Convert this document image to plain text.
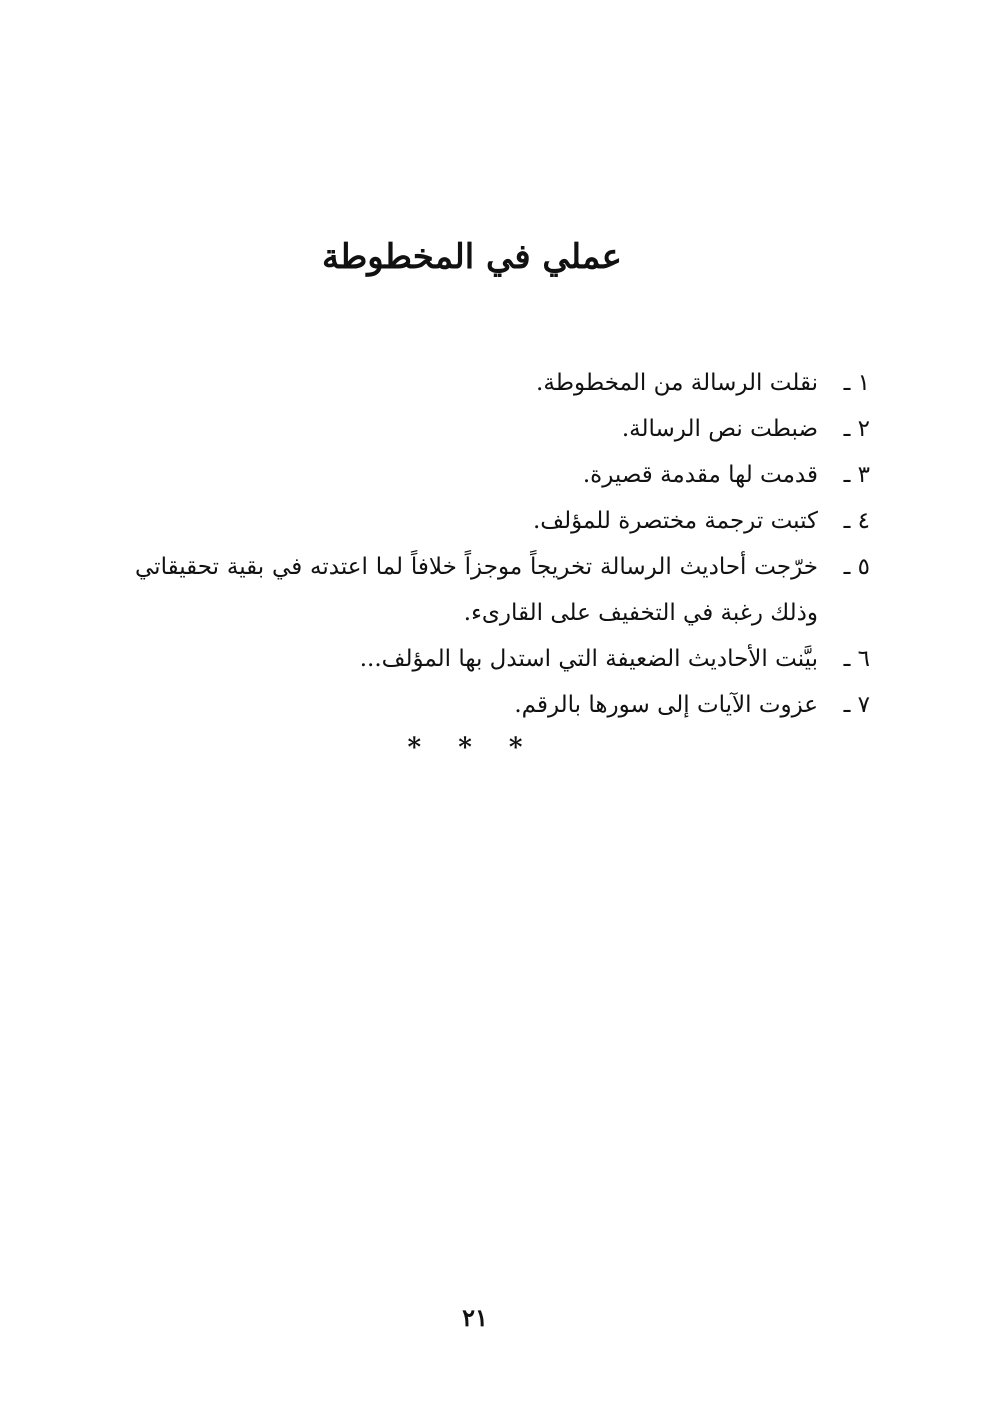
عملي في المخطوطة
١ ـ
نقلت الرسالة من المخطوطة.
٢ ـ
ضبطت نص الرسالة.
٣ ـ
قدمت لها مقدمة قصيرة.
٤ ـ
كتبت ترجمة مختصرة للمؤلف.
٥ ـ
خرّجت أحاديث الرسالة تخريجاً موجزاً خلافاً لما اعتدته في بقية تحقيقاتي وذلك رغبة في التخفيف على القارىء.
٦ ـ
بيَّنت الأحاديث الضعيفة التي استدل بها المؤلف...
٧ ـ
عزوت الآيات إلى سورها بالرقم.
* * *
٢١
